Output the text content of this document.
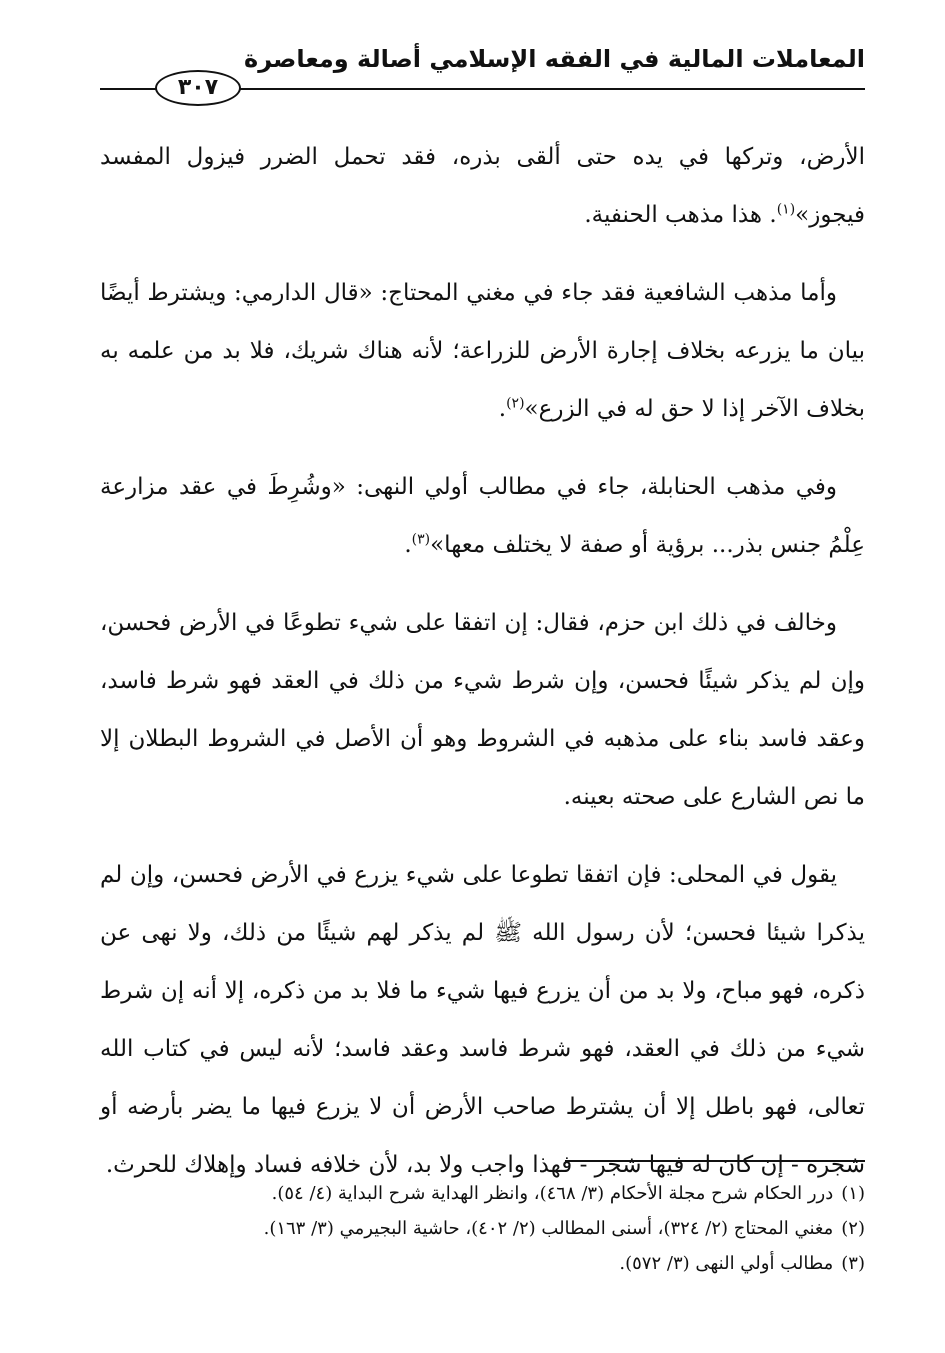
المعاملات المالية في الفقه الإسلامي أصالة ومعاصرة
٣٠٧

الأرض، وتركها في يده حتى ألقى بذره، فقد تحمل الضرر فيزول المفسد فيجوز»$^{(١)}$. هذا مذهب الحنفية.

وأما مذهب الشافعية فقد جاء في مغني المحتاج: «قال الدارمي: ويشترط أيضًا بيان ما يزرعه بخلاف إجارة الأرض للزراعة؛ لأنه هناك شريك، فلا بد من علمه به بخلاف الآخر إذا لا حق له في الزرع»$^{(٢)}$.

وفي مذهب الحنابلة، جاء في مطالب أولي النهى: «وشُرِطَ في عقد مزارعة عِلْمُ جنس بذر... برؤية أو صفة لا يختلف معها»$^{(٣)}$.

وخالف في ذلك ابن حزم، فقال: إن اتفقا على شيء تطوعًا في الأرض فحسن، وإن لم يذكر شيئًا فحسن، وإن شرط شيء من ذلك في العقد فهو شرط فاسد، وعقد فاسد بناء على مذهبه في الشروط وهو أن الأصل في الشروط البطلان إلا ما نص الشارع على صحته بعينه.

يقول في المحلى: فإن اتفقا تطوعا على شيء يزرع في الأرض فحسن، وإن لم يذكرا شيئا فحسن؛ لأن رسول الله ﷺ لم يذكر لهم شيئًا من ذلك، ولا نهى عن ذكره، فهو مباح، ولا بد من أن يزرع فيها شيء ما فلا بد من ذكره، إلا أنه إن شرط شيء من ذلك في العقد، فهو شرط فاسد وعقد فاسد؛ لأنه ليس في كتاب الله تعالى، فهو باطل إلا أن يشترط صاحب الأرض أن لا يزرع فيها ما يضر بأرضه أو شجره - إن كان له فيها شجر - فهذا واجب ولا بد، لأن خلافه فساد وإهلاك للحرث.

(١)درر الحكام شرح مجلة الأحكام (٣/ ٤٦٨)، وانظر الهداية شرح البداية (٤/ ٥٤).
(٢)مغني المحتاج (٢/ ٣٢٤)، أسنى المطالب (٢/ ٤٠٢)، حاشية البجيرمي (٣/ ١٦٣).
(٣)مطالب أولي النهى (٣/ ٥٧٢).
